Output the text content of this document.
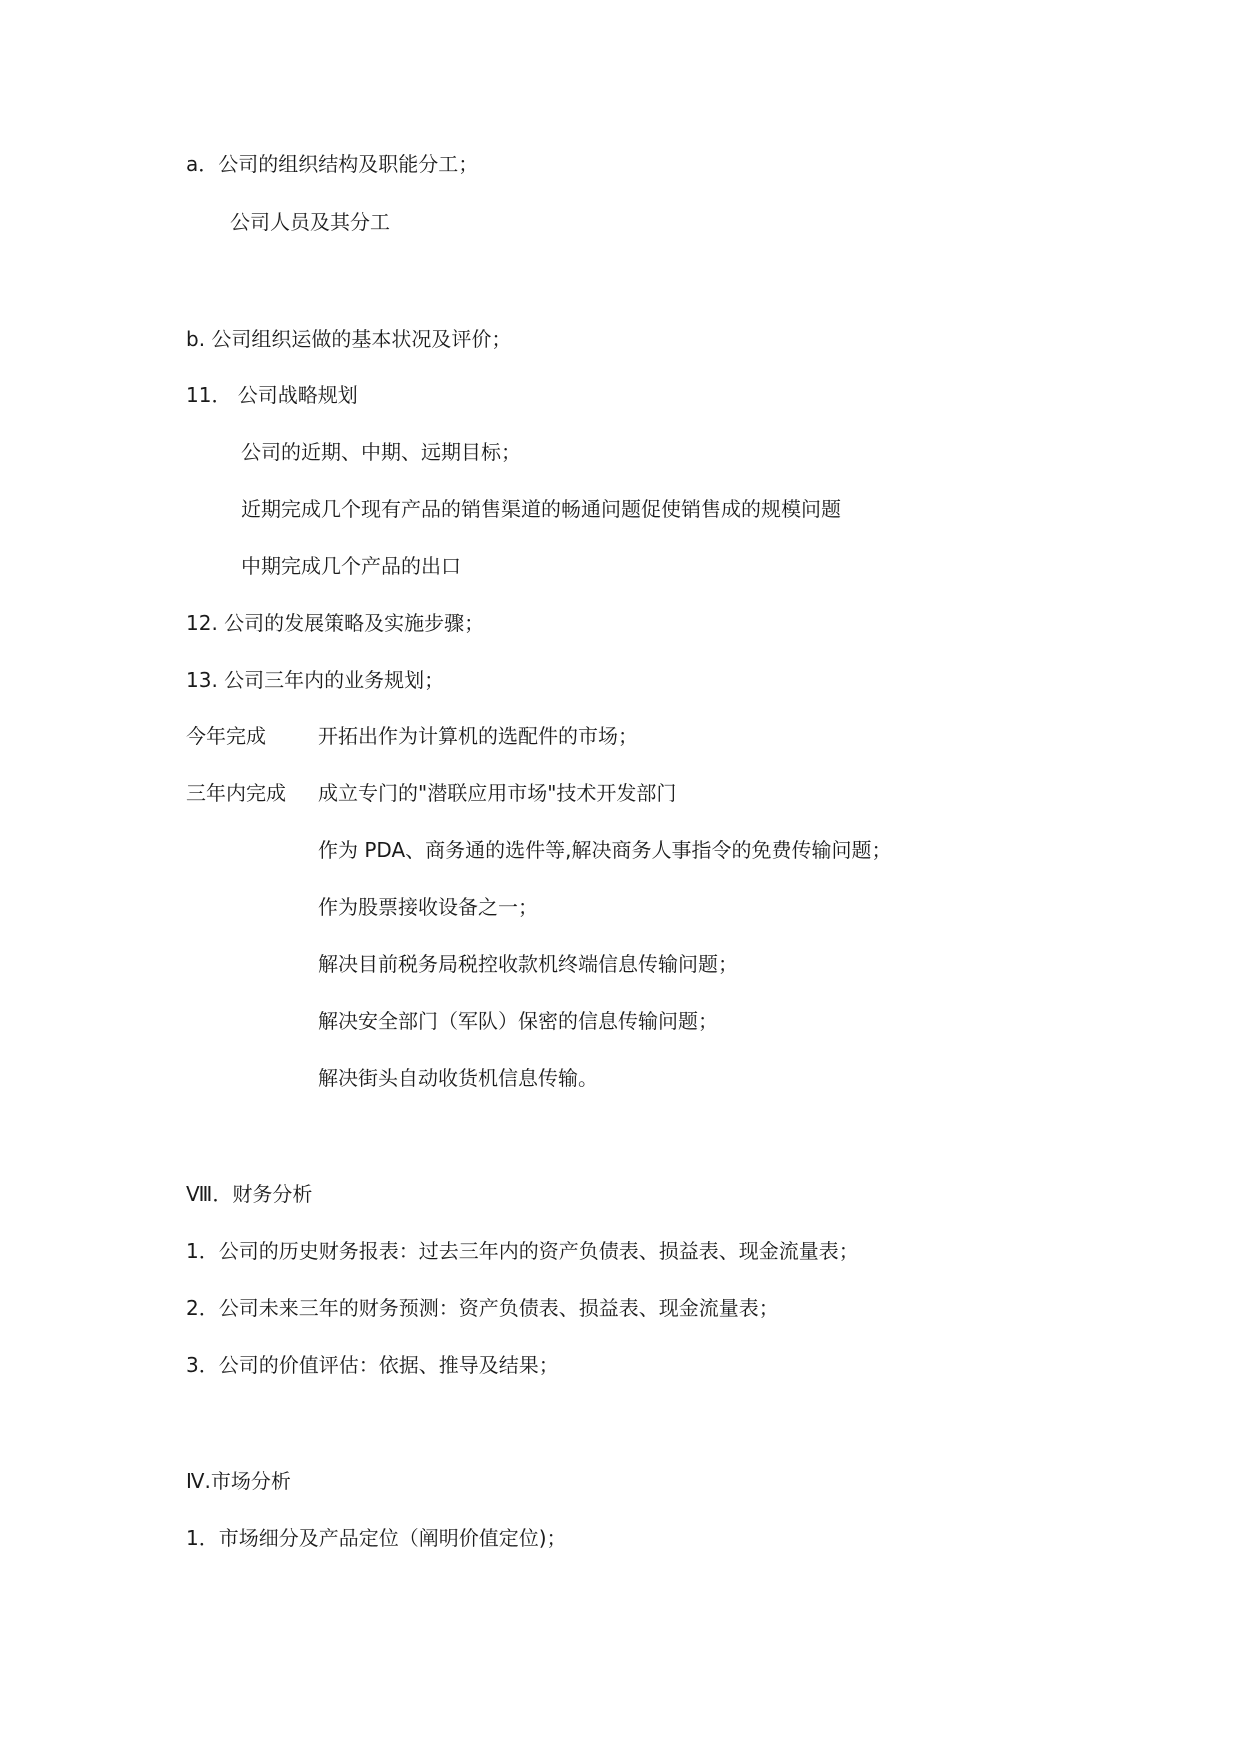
a．公司的组织结构及职能分工；
公司人员及其分工
b. 公司组织运做的基本状况及评价；
11． 公司战略规划
公司的近期、中期、远期目标；
近期完成几个现有产品的销售渠道的畅通问题促使销售成的规模问题
中期完成几个产品的出口
12. 公司的发展策略及实施步骤；
13. 公司三年内的业务规划；
今年完成	开拓出作为计算机的选配件的市场；
三年内完成 成立专门的"潜联应用市场"技术开发部门
作为 PDA、商务通的选件等,解决商务人事指令的免费传输问题；
作为股票接收设备之一；
解决目前税务局税控收款机终端信息传输问题；
解决安全部门（军队）保密的信息传输问题；
解决街头自动收货机信息传输。
Ⅷ．财务分析
1．公司的历史财务报表：过去三年内的资产负债表、损益表、现金流量表；
2．公司未来三年的财务预测：资产负债表、损益表、现金流量表；
3．公司的价值评估：依据、推导及结果；
Ⅳ.市场分析
1．市场细分及产品定位（阐明价值定位)；
